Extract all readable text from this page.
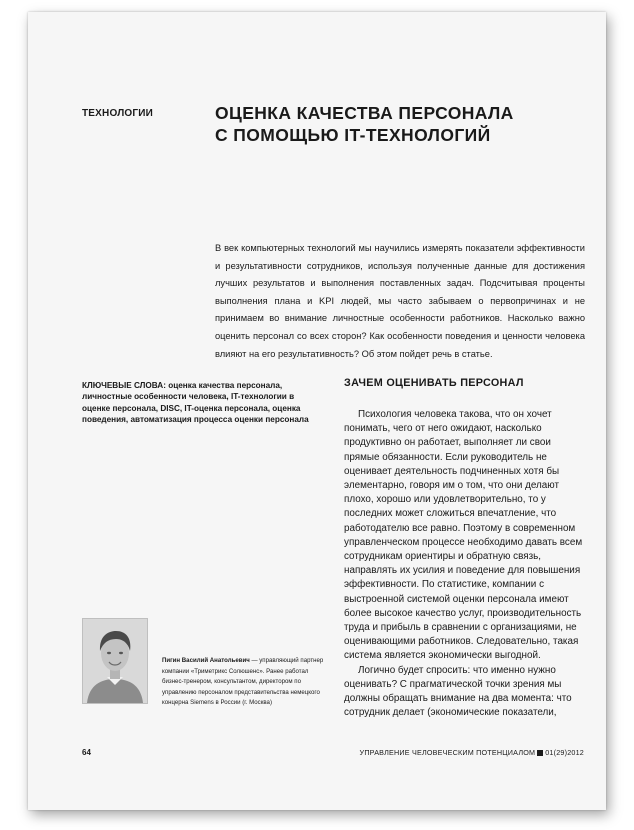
ТЕХНОЛОГИИ	ОЦЕНКА КАЧЕСТВА ПЕРСОНАЛА
С ПОМОЩЬЮ IT-ТЕХНОЛОГИЙ

В век компьютерных технологий мы научились измерять показатели эффективности и результативности сотрудников, используя полученные данные для достижения лучших результатов и выполнения поставленных задач. Подсчитывая проценты выполнения плана и KPI людей, мы часто забываем о первопричинах и не принимаем во внимание личностные особенности работников. Насколько важно оценить персонал со всех сторон? Как особенности поведения и ценности человека влияют на его результативность? Об этом пойдет речь в статье.

КЛЮЧЕВЫЕ СЛОВА: оценка качества персонала, личностные особенности человека, IT-технологии в оценке персонала, DISC, IT-оценка персонала, оценка поведения, автоматизация процесса оценки персонала

ЗАЧЕМ ОЦЕНИВАТЬ ПЕРСОНАЛ
Психология человека такова, что он хочет понимать, чего от него ожидают, насколько продуктивно он работает, выполняет ли свои прямые обязанности. Если руководитель не оценивает деятельность подчиненных хотя бы элементарно, говоря им о том, что они делают плохо, хорошо или удовлетворительно, то у последних может сложиться впечатление, что работодателю все равно. Поэтому в современном управленческом процессе необходимо давать всем сотрудникам ориентиры и обратную связь, направлять их усилия и поведение для повышения эффективности. По статистике, компании с выстроенной системой оценки персонала имеют более высокое качество услуг, производительность труда и прибыль в сравнении с организациями, не оценивающими работников. Следовательно, такая система является экономически выгодной.
Логично будет спросить: что именно нужно оценивать? С прагматической точки зрения мы должны обращать внимание на два момента: что сотрудник делает (экономические показатели,

Пигин Василий Анатольевич — управляющий партнер компании «Триметрикс Солюшенс». Ранее работал бизнес-тренером, консультантом, директором по управлению персоналом представительства немецкого концерна Siemens в России (г. Москва)

64	УПРАВЛЕНИЕ ЧЕЛОВЕЧЕСКИМ ПОТЕНЦИАЛОМ 01(29)2012
